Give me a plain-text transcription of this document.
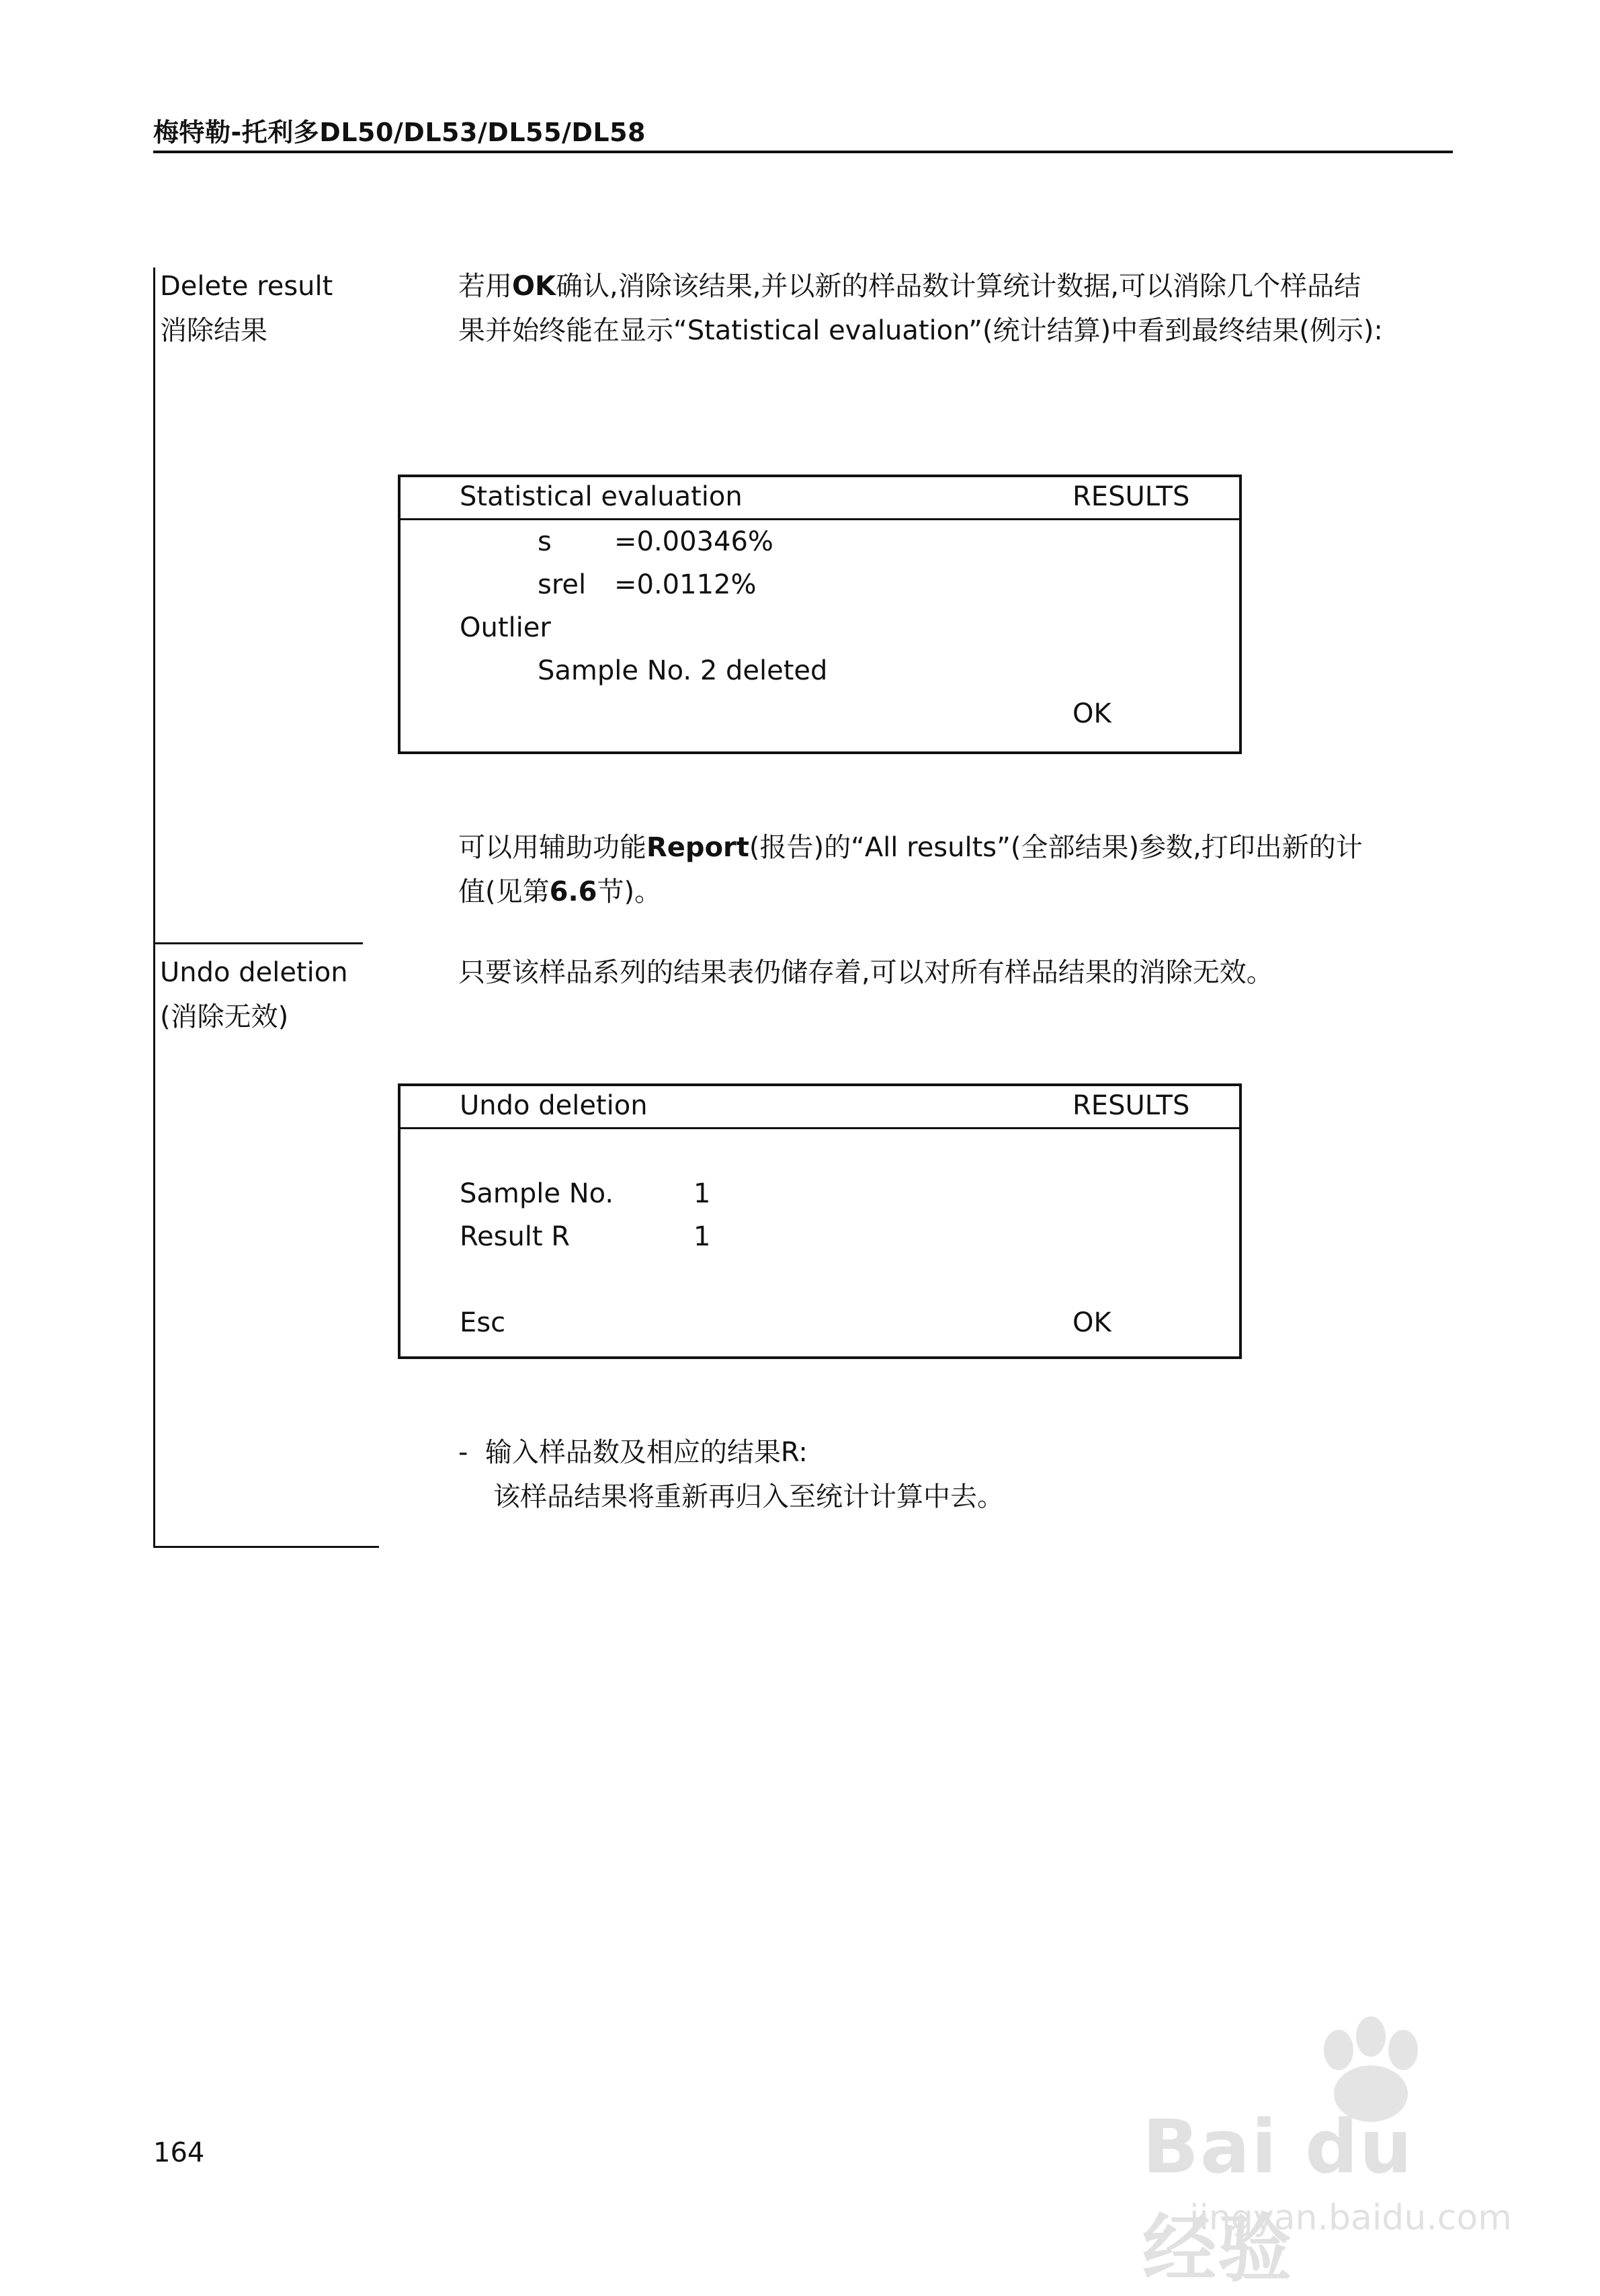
梅特勒-托利多DL50/DL53/DL55/DL58
Delete result
消除结果
若用OK确认,消除该结果,并以新的样品数计算统计数据,可以消除几个样品结
果并始终能在显示“Statistical evaluation”(统计结算)中看到最终结果(例示):
Statistical evaluation	RESULTS
s =0.00346%
srel =0.0112%
Outlier
Sample No. 2 deleted
OK
可以用辅助功能Report(报告)的“All results”(全部结果)参数,打印出新的计
值(见第6.6节)。
Undo deletion
(消除无效)
只要该样品系列的结果表仍储存着,可以对所有样品结果的消除无效。
Undo deletion	RESULTS
Sample No.	1
Result R	1
Esc	OK
- 输入样品数及相应的结果R:
该样品结果将重新再归入至统计计算中去。
164	Bai du 经验
jingyan.baidu.com
